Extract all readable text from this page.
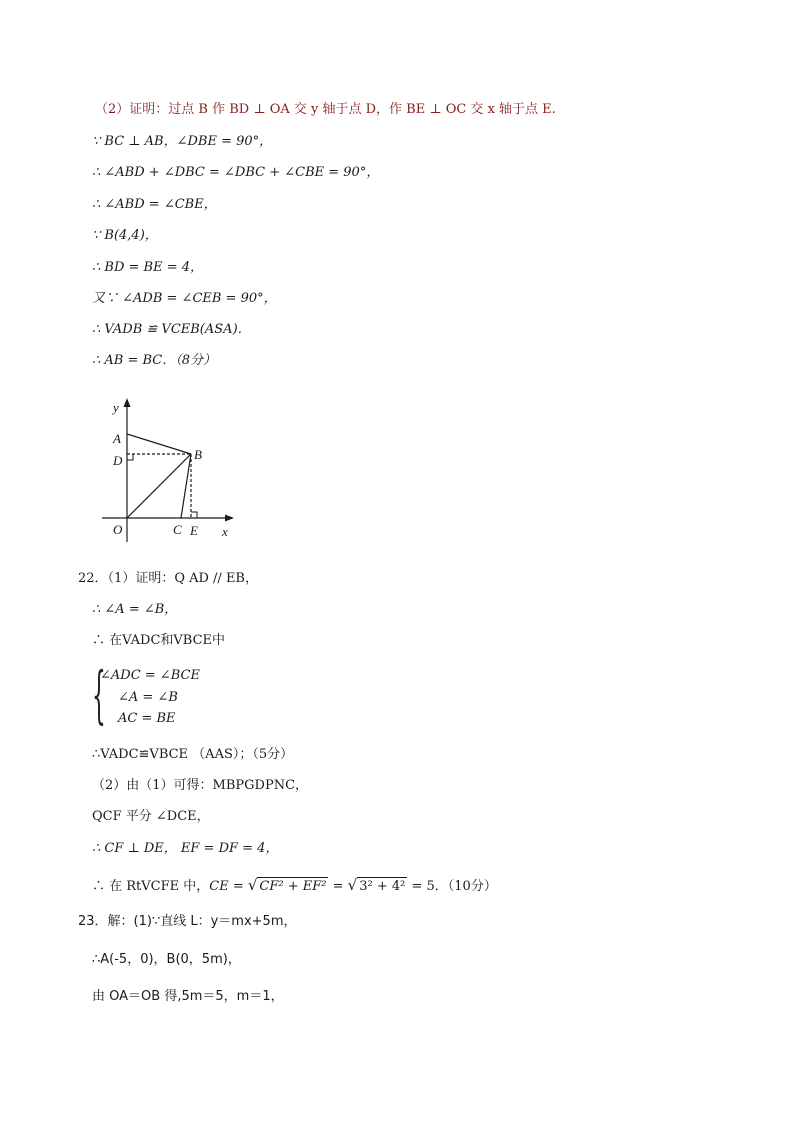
（2）证明：过点 B 作 BD ⊥ OA 交 y 轴于点 D，作 BE ⊥ OC 交 x 轴于点 E.
∵ BC ⊥ AB，∠DBE = 90°，
∴ ∠ABD + ∠DBC = ∠DBC + ∠CBE = 90°，
∴ ∠ABD = ∠CBE，
∵ B(4,4)，
∴ BD = BE = 4，
又∵ ∠ADB = ∠CEB = 90°，
∴ VADB ≌ VCEB(ASA)．
∴ AB = BC．（8分）
y
x
A
D	B
O	C E
22．（1）证明：Q AD // EB，
∴ ∠A = ∠B，
∴ 在VADC和VBCE中
{
∠ADC = ∠BCE
∠A = ∠B
AC = BE
∴VADC≌VBCE （AAS）；（5分）
（2）由（1）可得：MBPGDPNC，
QCF 平分 ∠DCE，
∴ CF ⊥ DE， EF = DF = 4，
∴ 在 RtVCFE 中，CE = √ CF² + EF² = √ 3² + 4² = 5．（10分）
23．解：(1)∵直线 L：y＝mx+5m，
∴A(-5，0)，B(0，5m)，
由 OA＝OB 得,5m＝5，m＝1，
